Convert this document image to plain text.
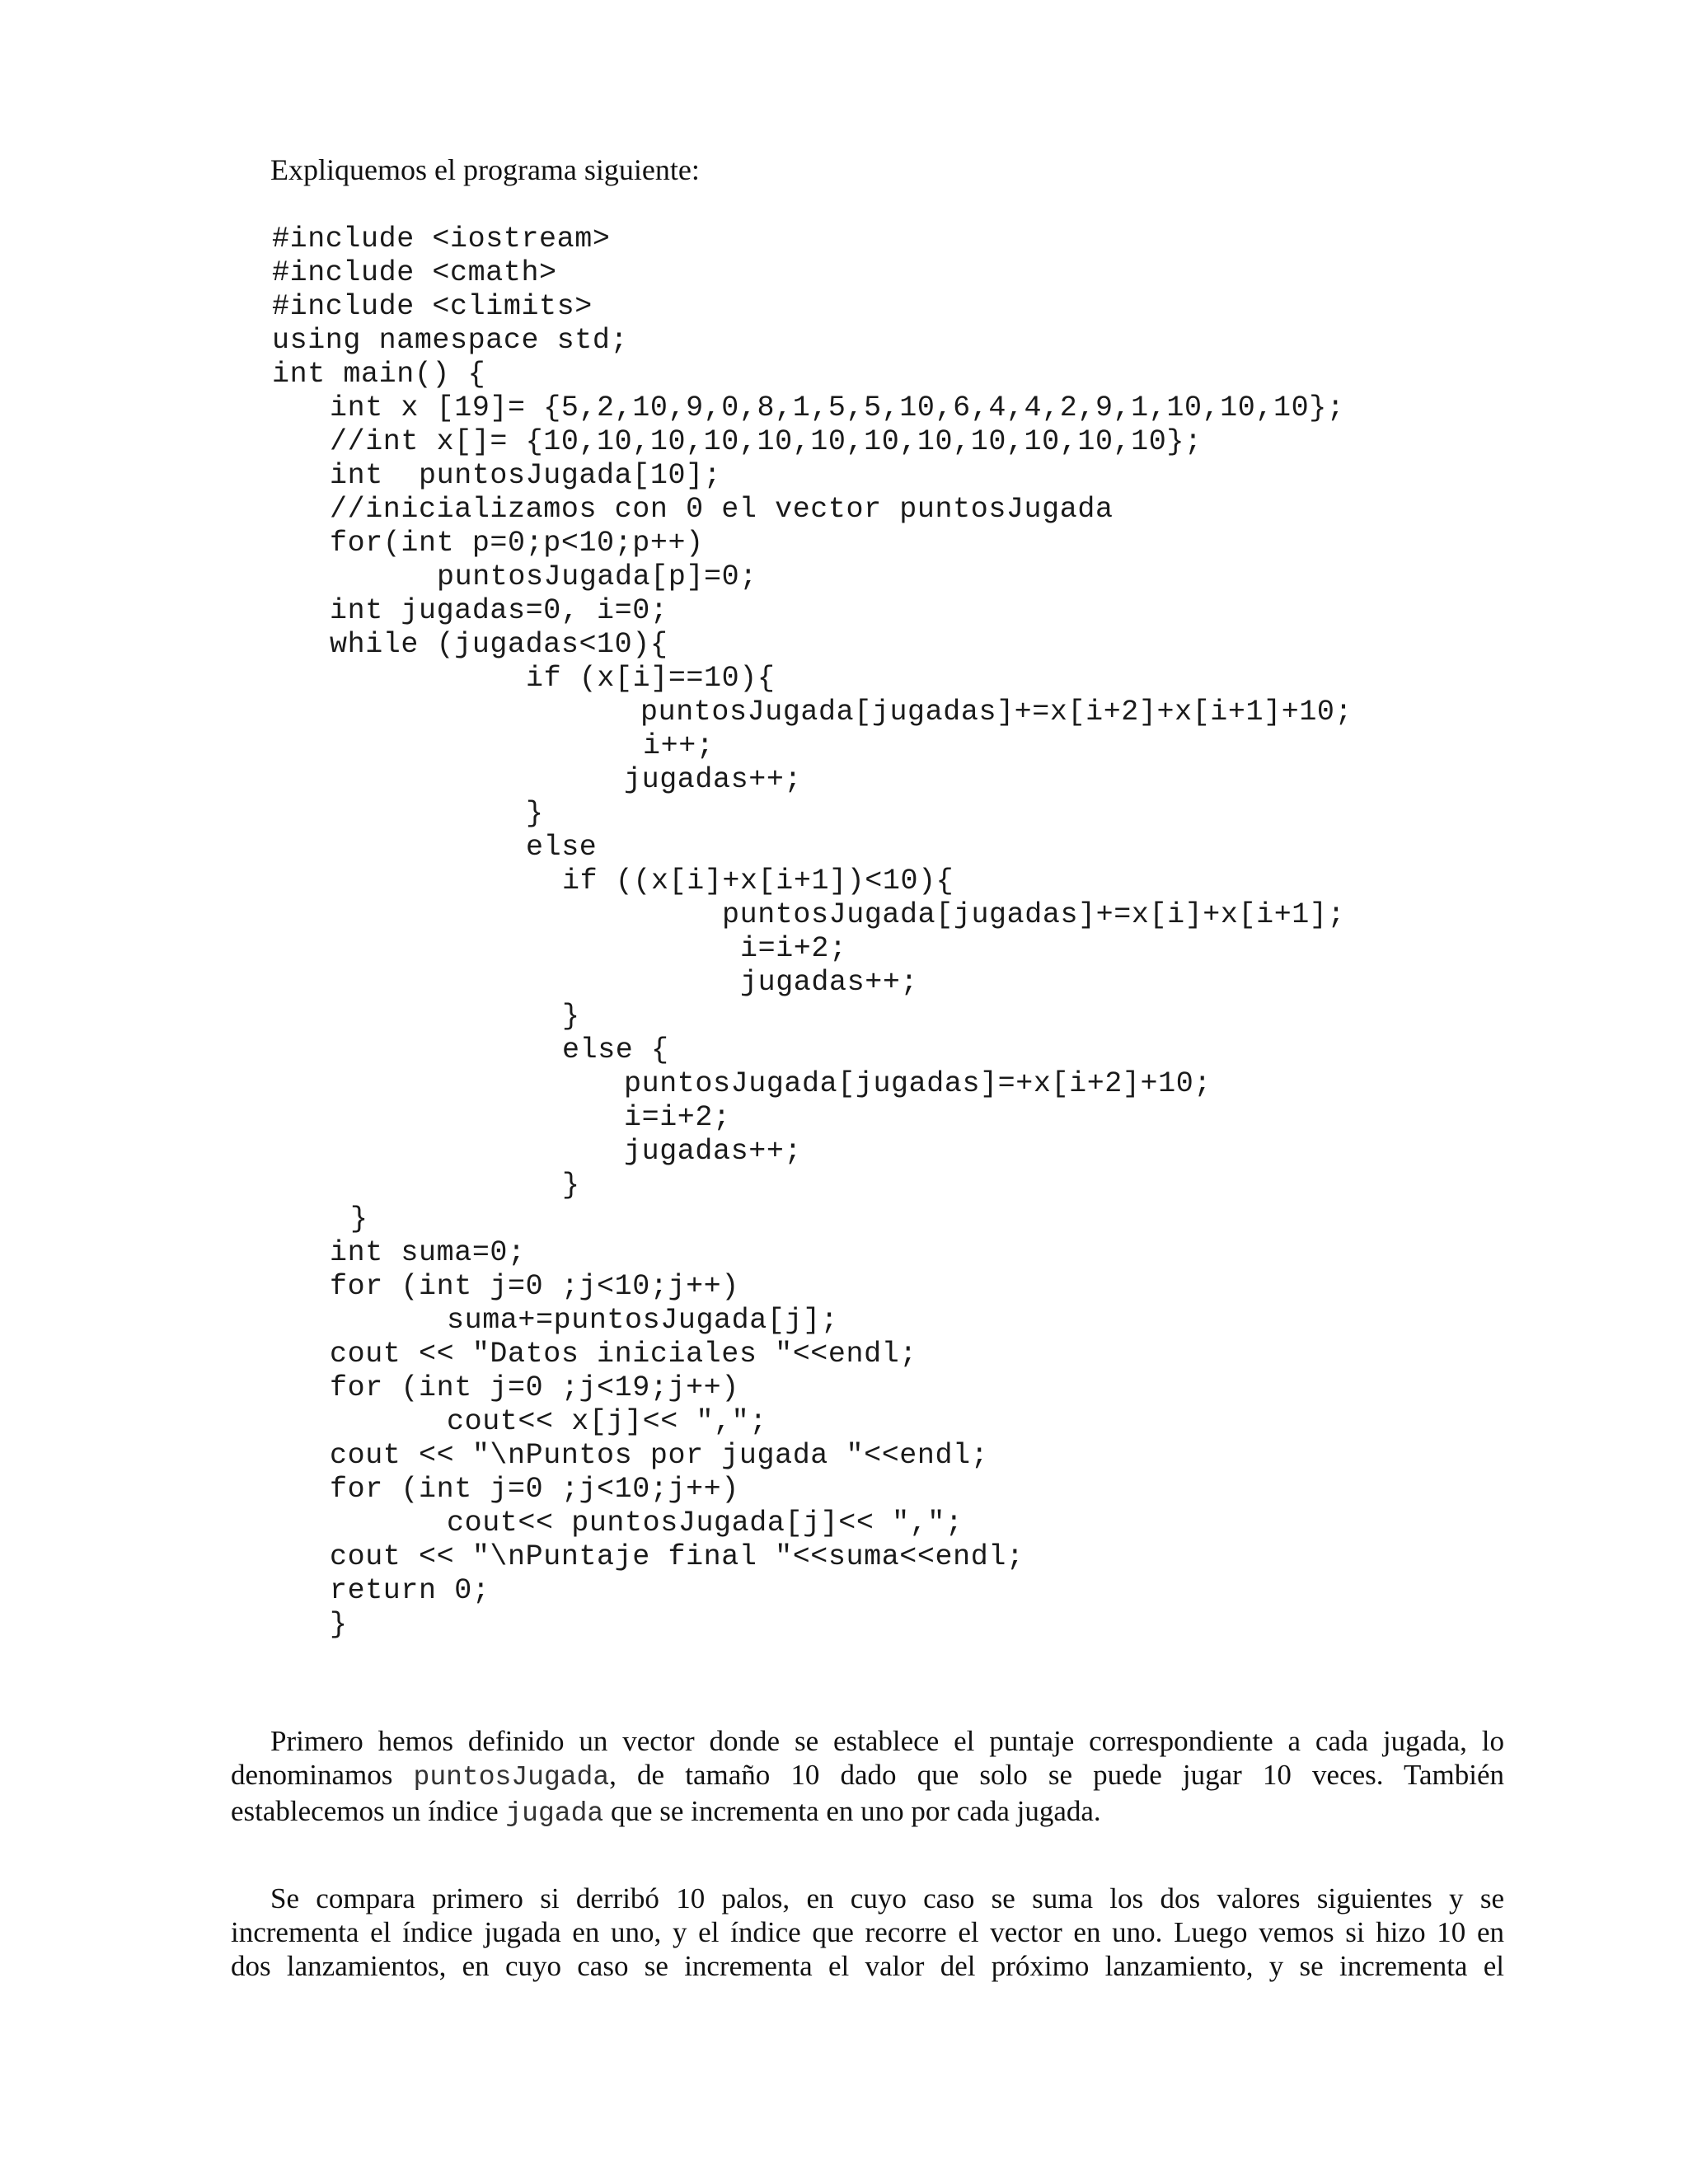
Expliquemos el programa siguiente:
#include <iostream>
#include <cmath>
#include <climits>
using namespace std;
int main() {
int x [19]= {5,2,10,9,0,8,1,5,5,10,6,4,4,2,9,1,10,10,10};
//int x[]= {10,10,10,10,10,10,10,10,10,10,10,10};
int  puntosJugada[10];
//inicializamos con 0 el vector puntosJugada
for(int p=0;p<10;p++)
puntosJugada[p]=0;
int jugadas=0, i=0;
while (jugadas<10){
if (x[i]==10){
puntosJugada[jugadas]+=x[i+2]+x[i+1]+10;
i++;
jugadas++;
}
else
if ((x[i]+x[i+1])<10){
puntosJugada[jugadas]+=x[i]+x[i+1];
i=i+2;
jugadas++;
}
else {
puntosJugada[jugadas]=+x[i+2]+10;
i=i+2;
jugadas++;
}
}
int suma=0;
for (int j=0 ;j<10;j++)
suma+=puntosJugada[j];
cout << "Datos iniciales "<<endl;
for (int j=0 ;j<19;j++)
cout<< x[j]<< ",";
cout << "\nPuntos por jugada "<<endl;
for (int j=0 ;j<10;j++)
cout<< puntosJugada[j]<< ",";
cout << "\nPuntaje final "<<suma<<endl;
return 0;
}
Primero hemos definido un vector donde se establece el puntaje correspondiente a cada jugada, lo
denominamos puntosJugada, de tamaño 10 dado que solo se puede jugar 10 veces. También
establecemos un índice jugada que se incrementa en uno por cada jugada.
Se compara primero si derribó 10 palos, en cuyo caso se suma los dos valores siguientes y se
incrementa el índice jugada en uno, y el índice que recorre el vector en uno. Luego vemos si hizo 10 en
dos lanzamientos, en cuyo caso se incrementa el valor del próximo lanzamiento, y se incrementa el
